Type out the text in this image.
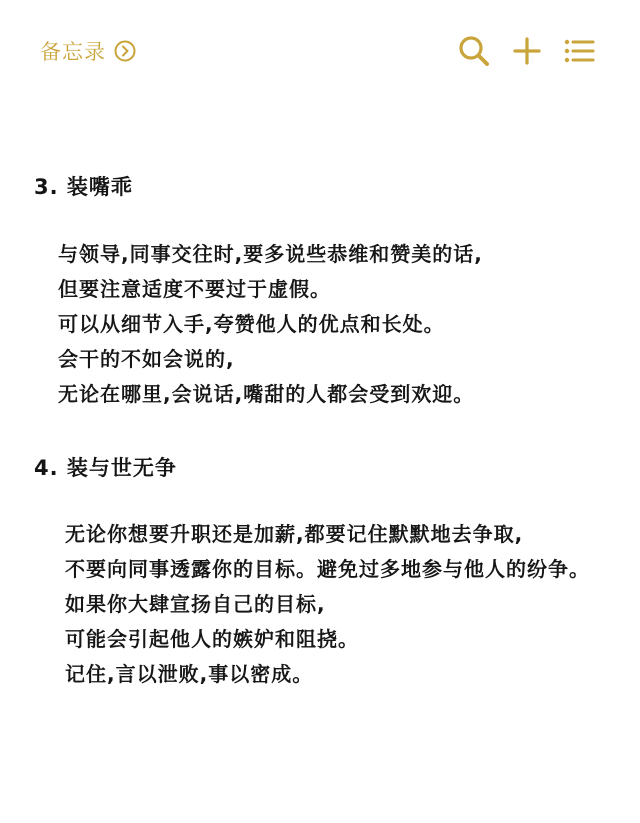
备忘录
3. 装嘴乖
与领导,同事交往时,要多说些恭维和赞美的话,
但要注意适度不要过于虚假。
可以从细节入手,夸赞他人的优点和长处。
会干的不如会说的,
无论在哪里,会说话,嘴甜的人都会受到欢迎。
4. 装与世无争
无论你想要升职还是加薪,都要记住默默地去争取,
不要向同事透露你的目标。避免过多地参与他人的纷争。
如果你大肆宣扬自己的目标,
可能会引起他人的嫉妒和阻挠。
记住,言以泄败,事以密成。
